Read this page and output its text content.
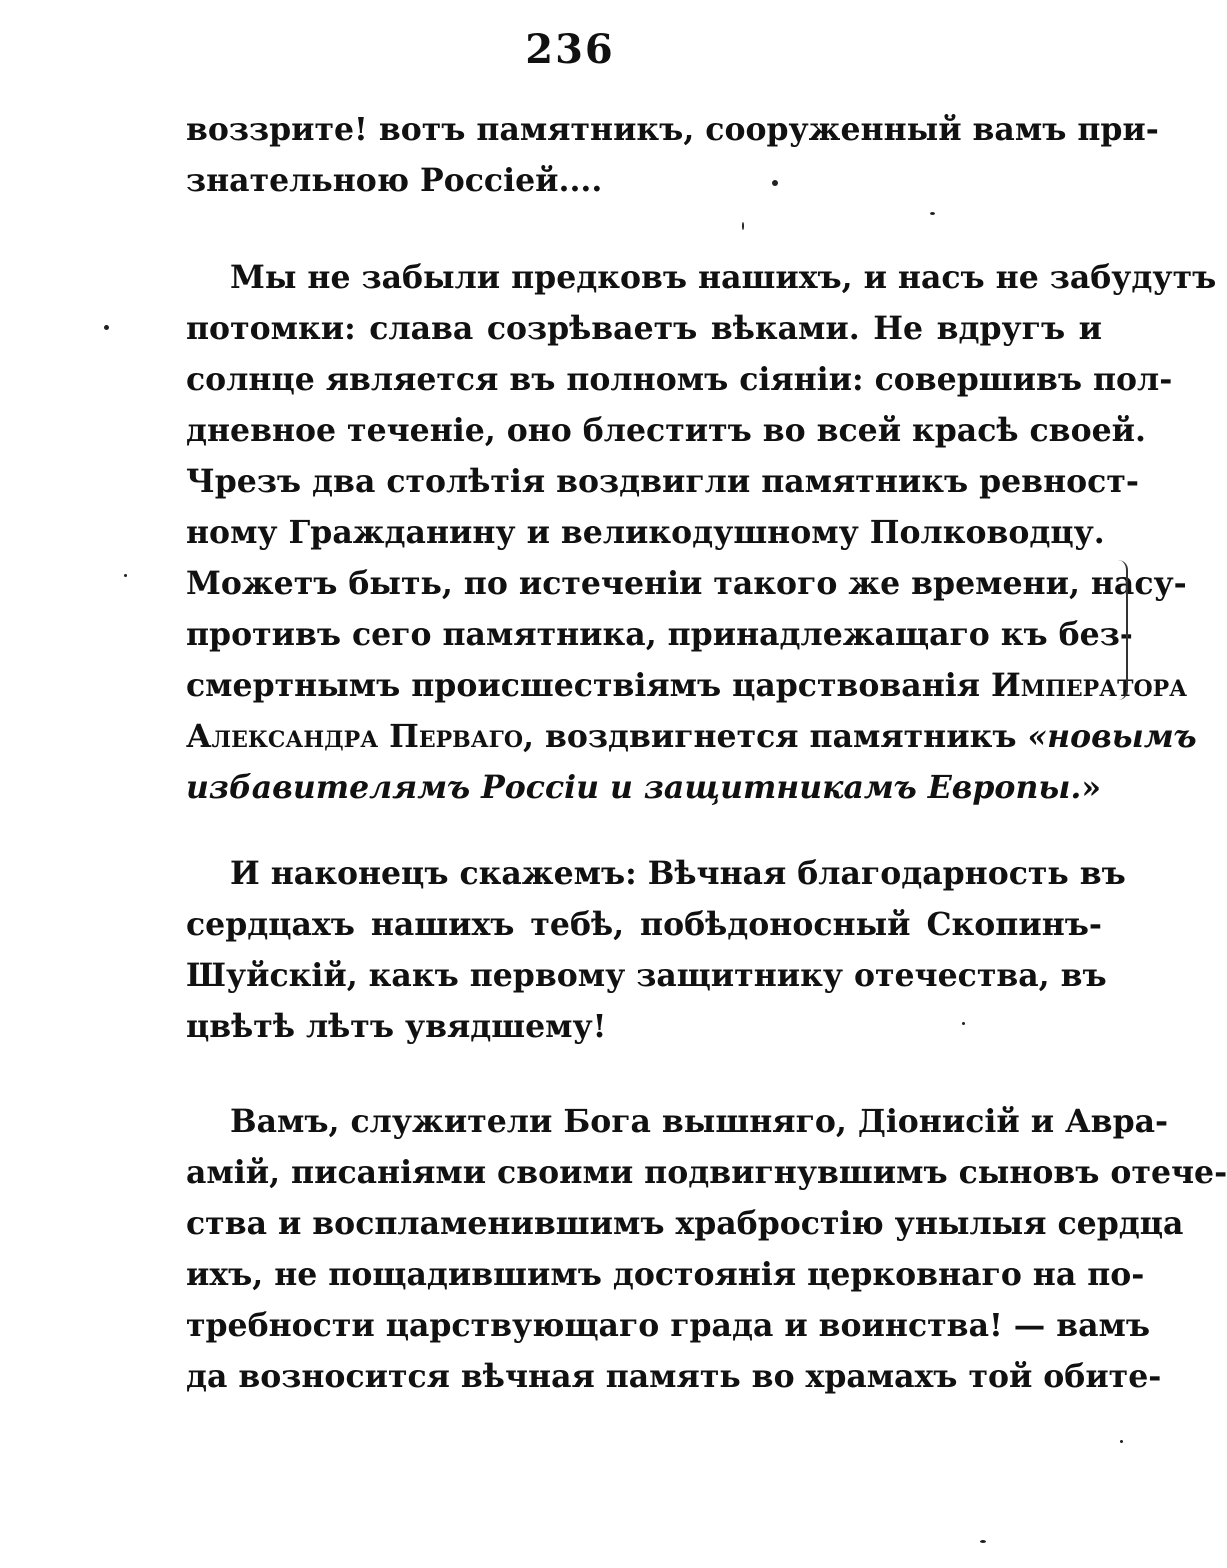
236
воззрите! вотъ памятникъ, сооруженный вамъ при-
знательною Россіей....
Мы не забыли предковъ нашихъ, и насъ не забудутъ
потомки: слава созрѣваетъ вѣками. Не вдругъ и
солнце является въ полномъ сіяніи: совершивъ пол-
дневное теченіе, оно блеститъ во всей красѣ своей.
Чрезъ два столѣтія воздвигли памятникъ ревност-
ному Гражданину и великодушному Полководцу.
Можетъ быть, по истеченіи такого же времени, насу-
противъ сего памятника, принадлежащаго къ без-
смертнымъ происшествіямъ царствованія Императора
Александра Перваго, воздвигнется памятникъ «новымъ
избавителямъ Россіи и защитникамъ Европы.»
И наконецъ скажемъ: Вѣчная благодарность въ
сердцахъ нашихъ тебѣ, побѣдоносный Скопинъ-
Шуйскій, какъ первому защитнику отечества, въ
цвѣтѣ лѣтъ увядшему!
Вамъ, служители Бога вышняго, Діонисій и Авра-
амій, писаніями своими подвигнувшимъ сыновъ отече-
ства и воспламенившимъ храбростію унылыя сердца
ихъ, не пощадившимъ достоянія церковнаго на по-
требности царствующаго града и воинства! — вамъ
да возносится вѣчная память во храмахъ той обите-
